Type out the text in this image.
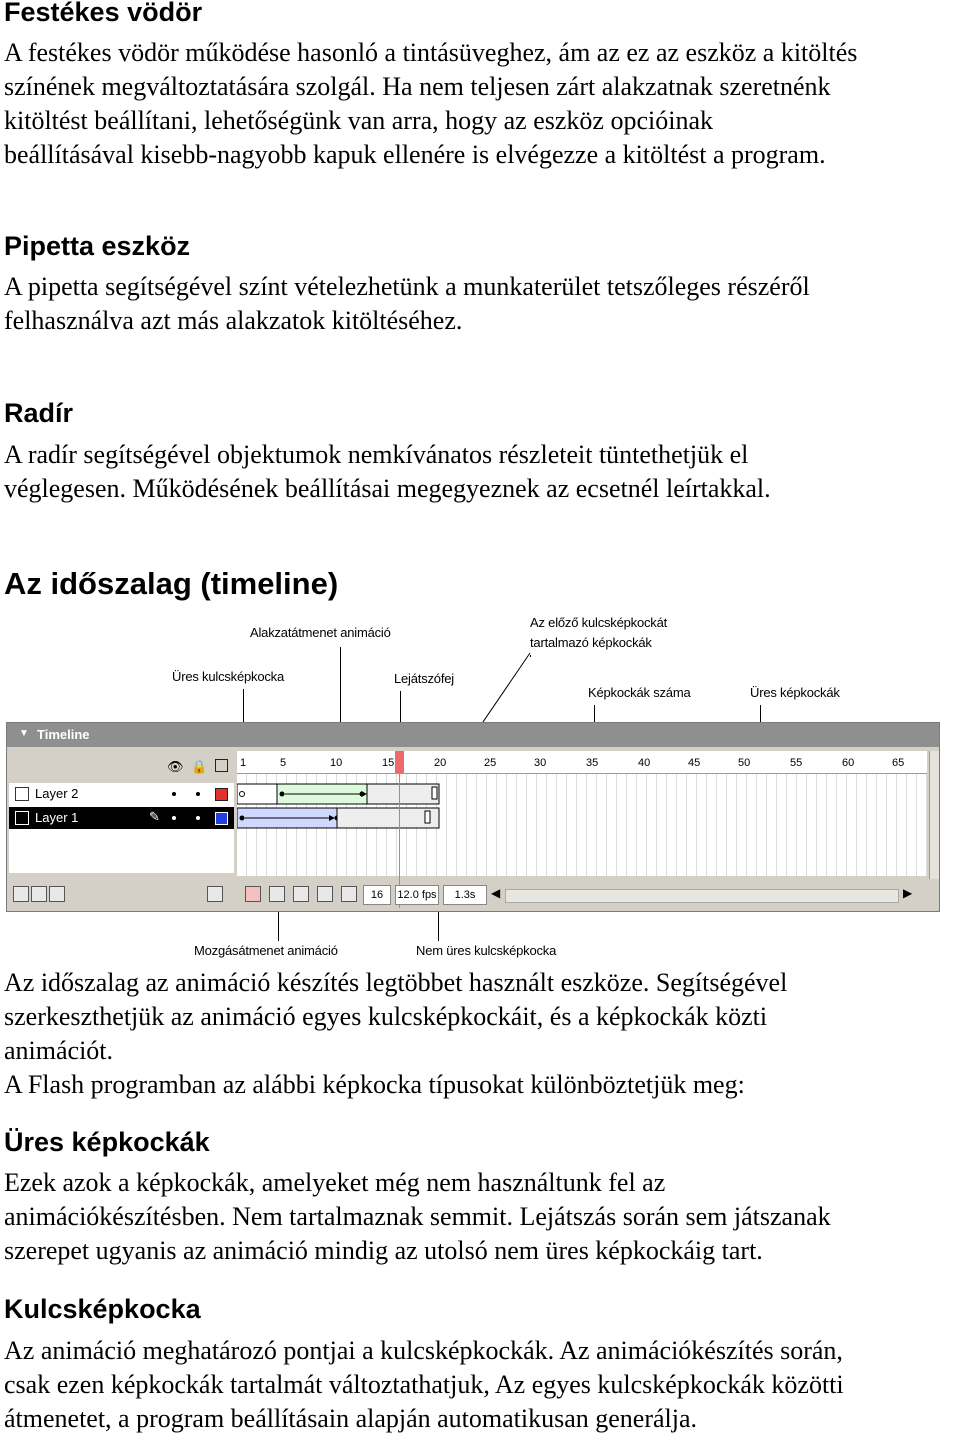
Festékes vödör
A festékes vödör működése hasonló a tintásüveghez, ám az ez az eszköz a kitöltés
színének megváltoztatására szolgál. Ha nem teljesen zárt alakzatnak szeretnénk
kitöltést beállítani, lehetőségünk van arra, hogy az eszköz opcióinak
beállításával kisebb-nagyobb kapuk ellenére is elvégezze a kitöltést a program.
Pipetta eszköz
A pipetta segítségével színt vételezhetünk a munkaterület tetszőleges részéről
felhasználva azt más alakzatok kitöltéséhez.
Radír
A radír segítségével objektumok nemkívánatos részleteit tüntethetjük el
véglegesen. Működésének beállításai megegyeznek az ecsetnél leírtakkal.
Az időszalag (timeline)
Alakzatátmenet animáció
Üres kulcsképkocka	Lejátszófej
Az előző kulcsképkockát
tartalmazó képkockák
Képkockák száma	Üres képkockák
Mozgásátmenet animáció	Nem üres kulcsképkocka
▼ Timeline
👁 🔒
Layer 2
Layer 1	✎
1	5	10	15	20	25	30	35	40	45	50	55	60	65
16	12.0 fps	1.3s	◀	▶
Az időszalag az animáció készítés legtöbbet használt eszköze. Segítségével
szerkeszthetjük az animáció egyes kulcsképkockáit, és a képkockák közti
animációt.
A Flash programban az alábbi képkocka típusokat különböztetjük meg:
Üres képkockák
Ezek azok a képkockák, amelyeket még nem használtunk fel az
animációkészítésben. Nem tartalmaznak semmit. Lejátszás során sem játszanak
szerepet ugyanis az animáció mindig az utolsó nem üres képkockáig tart.
Kulcsképkocka
Az animáció meghatározó pontjai a kulcsképkockák. Az animációkészítés során,
csak ezen képkockák tartalmát változtathatjuk, Az egyes kulcsképkockák közötti
átmenetet, a program beállításain alapján automatikusan generálja.
